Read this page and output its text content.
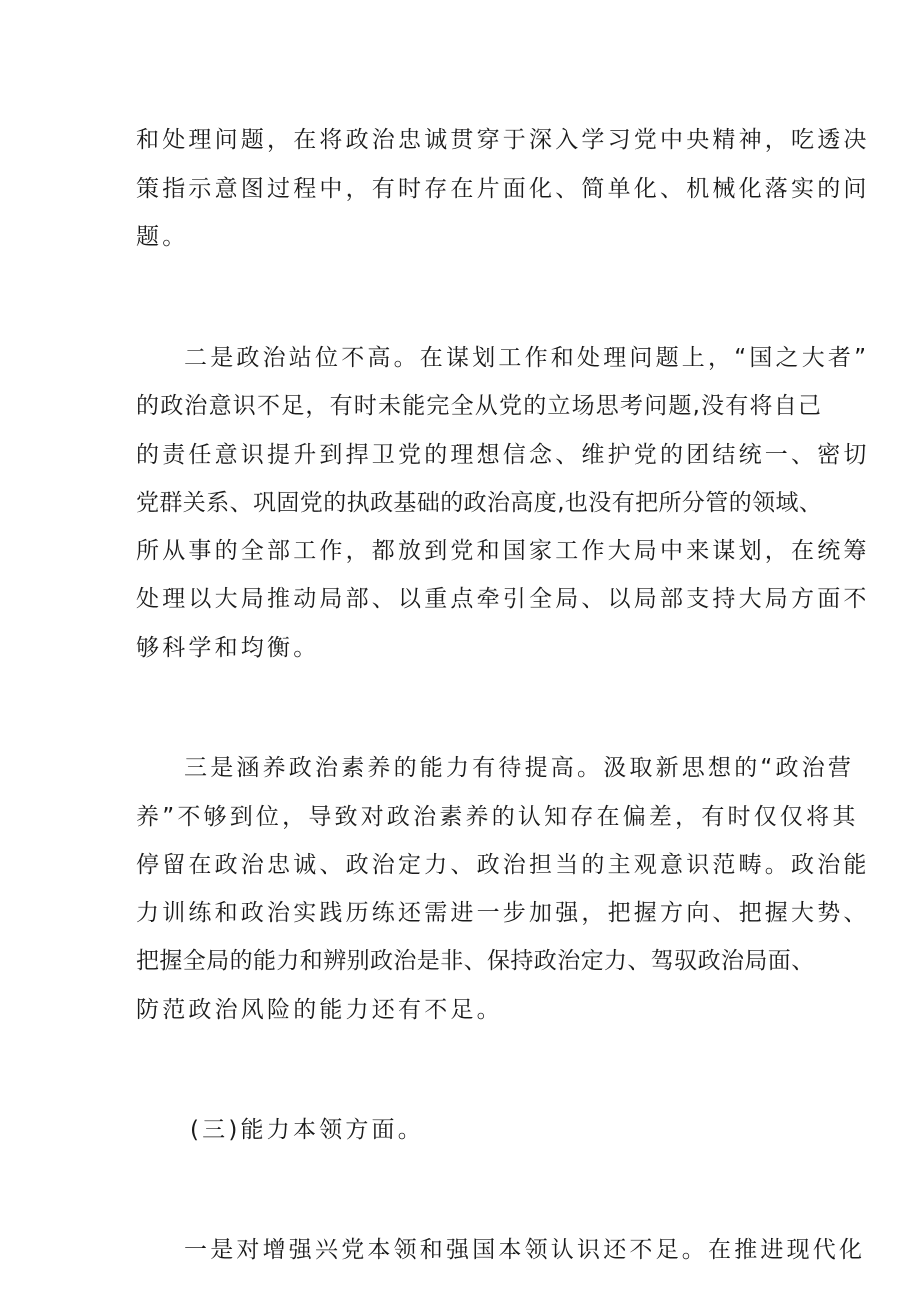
和处理问题，在将政治忠诚贯穿于深入学习党中央精神，吃透决
策指示意图过程中，有时存在片面化、简单化、机械化落实的问
题。
二是政治站位不高。在谋划工作和处理问题上，“国之大者”
的政治意识不足，有时未能完全从党的立场思考问题,没有将自己
的责任意识提升到捍卫党的理想信念、维护党的团结统一、密切
党群关系、巩固党的执政基础的政治高度,也没有把所分管的领域、
所从事的全部工作，都放到党和国家工作大局中来谋划，在统筹
处理以大局推动局部、以重点牵引全局、以局部支持大局方面不
够科学和均衡。
三是涵养政治素养的能力有待提高。汲取新思想的“政治营
养”不够到位，导致对政治素养的认知存在偏差，有时仅仅将其
停留在政治忠诚、政治定力、政治担当的主观意识范畴。政治能
力训练和政治实践历练还需进一步加强，把握方向、把握大势、
把握全局的能力和辨别政治是非、保持政治定力、驾驭政治局面、
防范政治风险的能力还有不足。
(三)能力本领方面。
一是对增强兴党本领和强国本领认识还不足。在推进现代化
